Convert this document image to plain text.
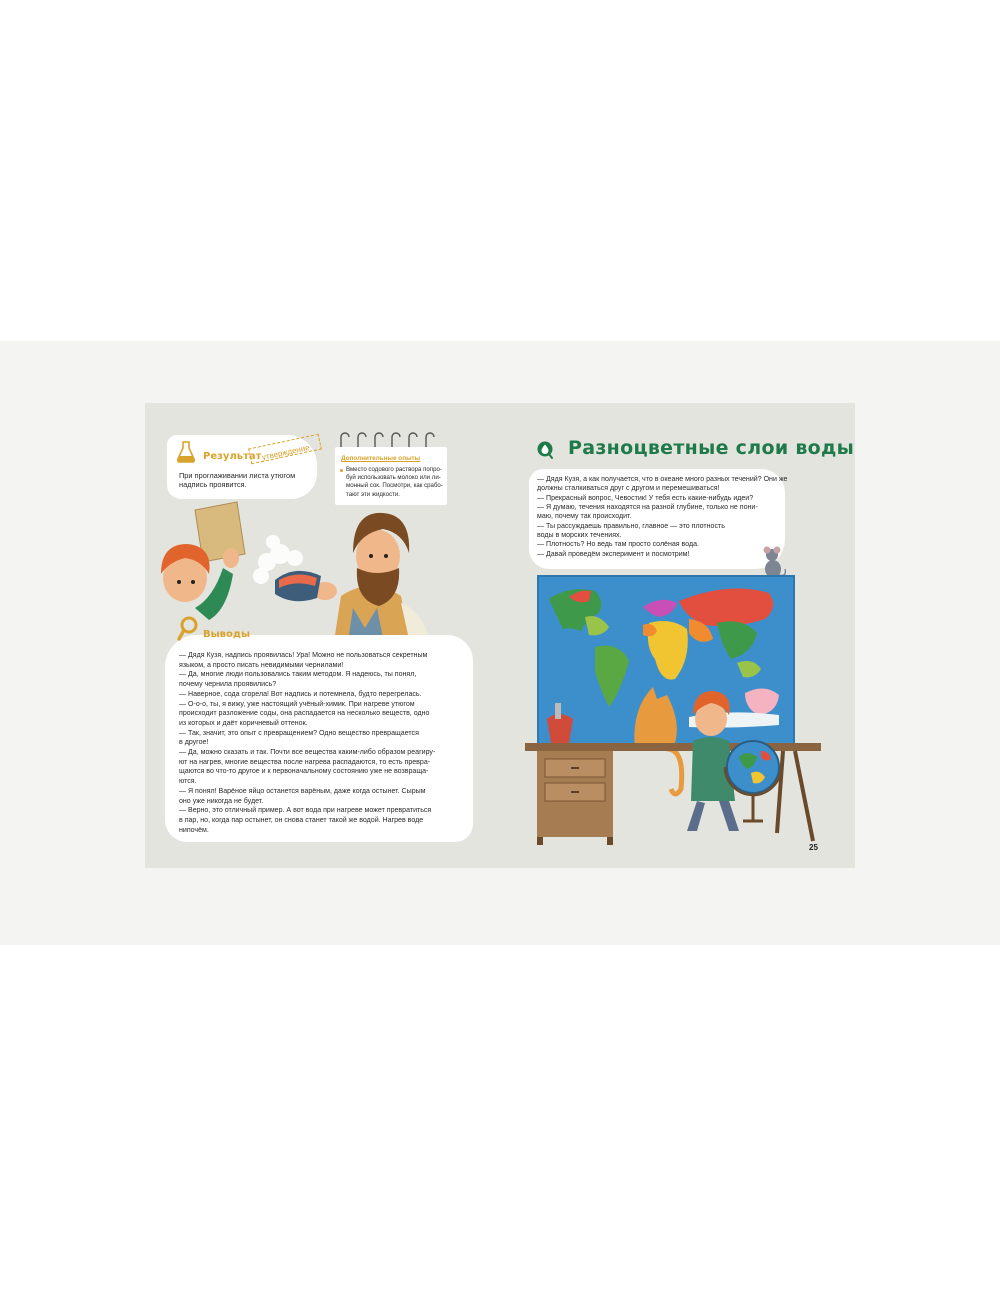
Результат утверждение
При проглаживании листа утюгом
надпись проявится.
Дополнительные опыты
Вместо содового раствора попро-
буй использовать молоко или ли-
монный сок. Посмотри, как срабо-
тают эти жидкости.
Выводы
— Дядя Кузя, надпись проявилась! Ура! Можно не пользоваться секретным
языком, а просто писать невидимыми чернилами!
— Да, многие люди пользовались таким методом. Я надеюсь, ты понял,
почему чернила проявились?
— Наверное, сода сгорела! Вот надпись и потемнела, будто перегрелась.
— О-о-о, ты, я вижу, уже настоящий учёный-химик. При нагреве утюгом
происходит разложение соды, она распадается на несколько веществ, одно
из которых и даёт коричневый оттенок.
— Так, значит, это опыт с превращением? Одно вещество превращается
в другое!
— Да, можно сказать и так. Почти все вещества каким-либо образом реагиру-
ют на нагрев, многие вещества после нагрева распадаются, то есть превра-
щаются во что-то другое и к первоначальному состоянию уже не возвраща-
ются.
— Я понял! Варёное яйцо останется варёным, даже когда остынет. Сырым
оно уже никогда не будет.
— Верно, это отличный пример. А вот вода при нагреве может превратиться
в пар, но, когда пар остынет, он снова станет такой же водой. Нагрев воде
нипочём.
Разноцветные слои воды
— Дядя Кузя, а как получается, что в океане много разных течений? Они же
должны сталкиваться друг с другом и перемешиваться!
— Прекрасный вопрос, Чевостик! У тебя есть какие-нибудь идеи?
— Я думаю, течения находятся на разной глубине, только не пони-
маю, почему так происходит.
— Ты рассуждаешь правильно, главное — это плотность
воды в морских течениях.
— Плотность? Но ведь там просто солёная вода.
— Давай проведём эксперимент и посмотрим!
25
